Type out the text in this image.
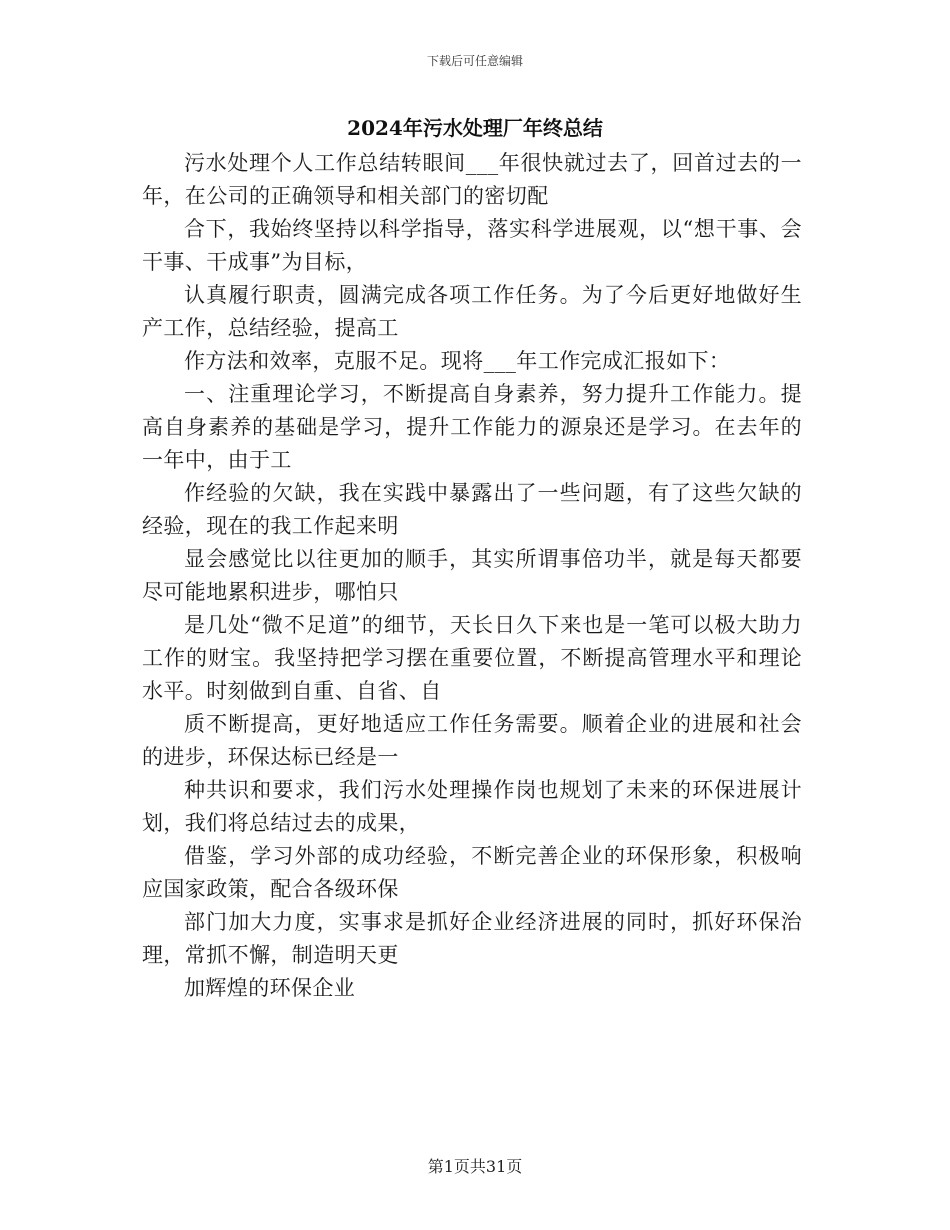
下载后可任意编辑
2024年污水处理厂年终总结

污水处理个人工作总结转眼间___年很快就过去了，回首过去的一年，在公司的正确领导和相关部门的密切配

合下，我始终坚持以科学指导，落实科学进展观，以“想干事、会干事、干成事”为目标，

认真履行职责，圆满完成各项工作任务。为了今后更好地做好生产工作，总结经验，提高工

作方法和效率，克服不足。现将___年工作完成汇报如下：

一、注重理论学习，不断提高自身素养，努力提升工作能力。提高自身素养的基础是学习，提升工作能力的源泉还是学习。在去年的一年中，由于工

作经验的欠缺，我在实践中暴露出了一些问题，有了这些欠缺的经验，现在的我工作起来明

显会感觉比以往更加的顺手，其实所谓事倍功半，就是每天都要尽可能地累积进步，哪怕只

是几处“微不足道”的细节，天长日久下来也是一笔可以极大助力工作的财宝。我坚持把学习摆在重要位置，不断提高管理水平和理论水平。时刻做到自重、自省、自

质不断提高，更好地适应工作任务需要。顺着企业的进展和社会的进步，环保达标已经是一

种共识和要求，我们污水处理操作岗也规划了未来的环保进展计划，我们将总结过去的成果，

借鉴，学习外部的成功经验，不断完善企业的环保形象，积极响应国家政策，配合各级环保

部门加大力度，实事求是抓好企业经济进展的同时，抓好环保治理，常抓不懈，制造明天更

加辉煌的环保企业

第1页共31页
